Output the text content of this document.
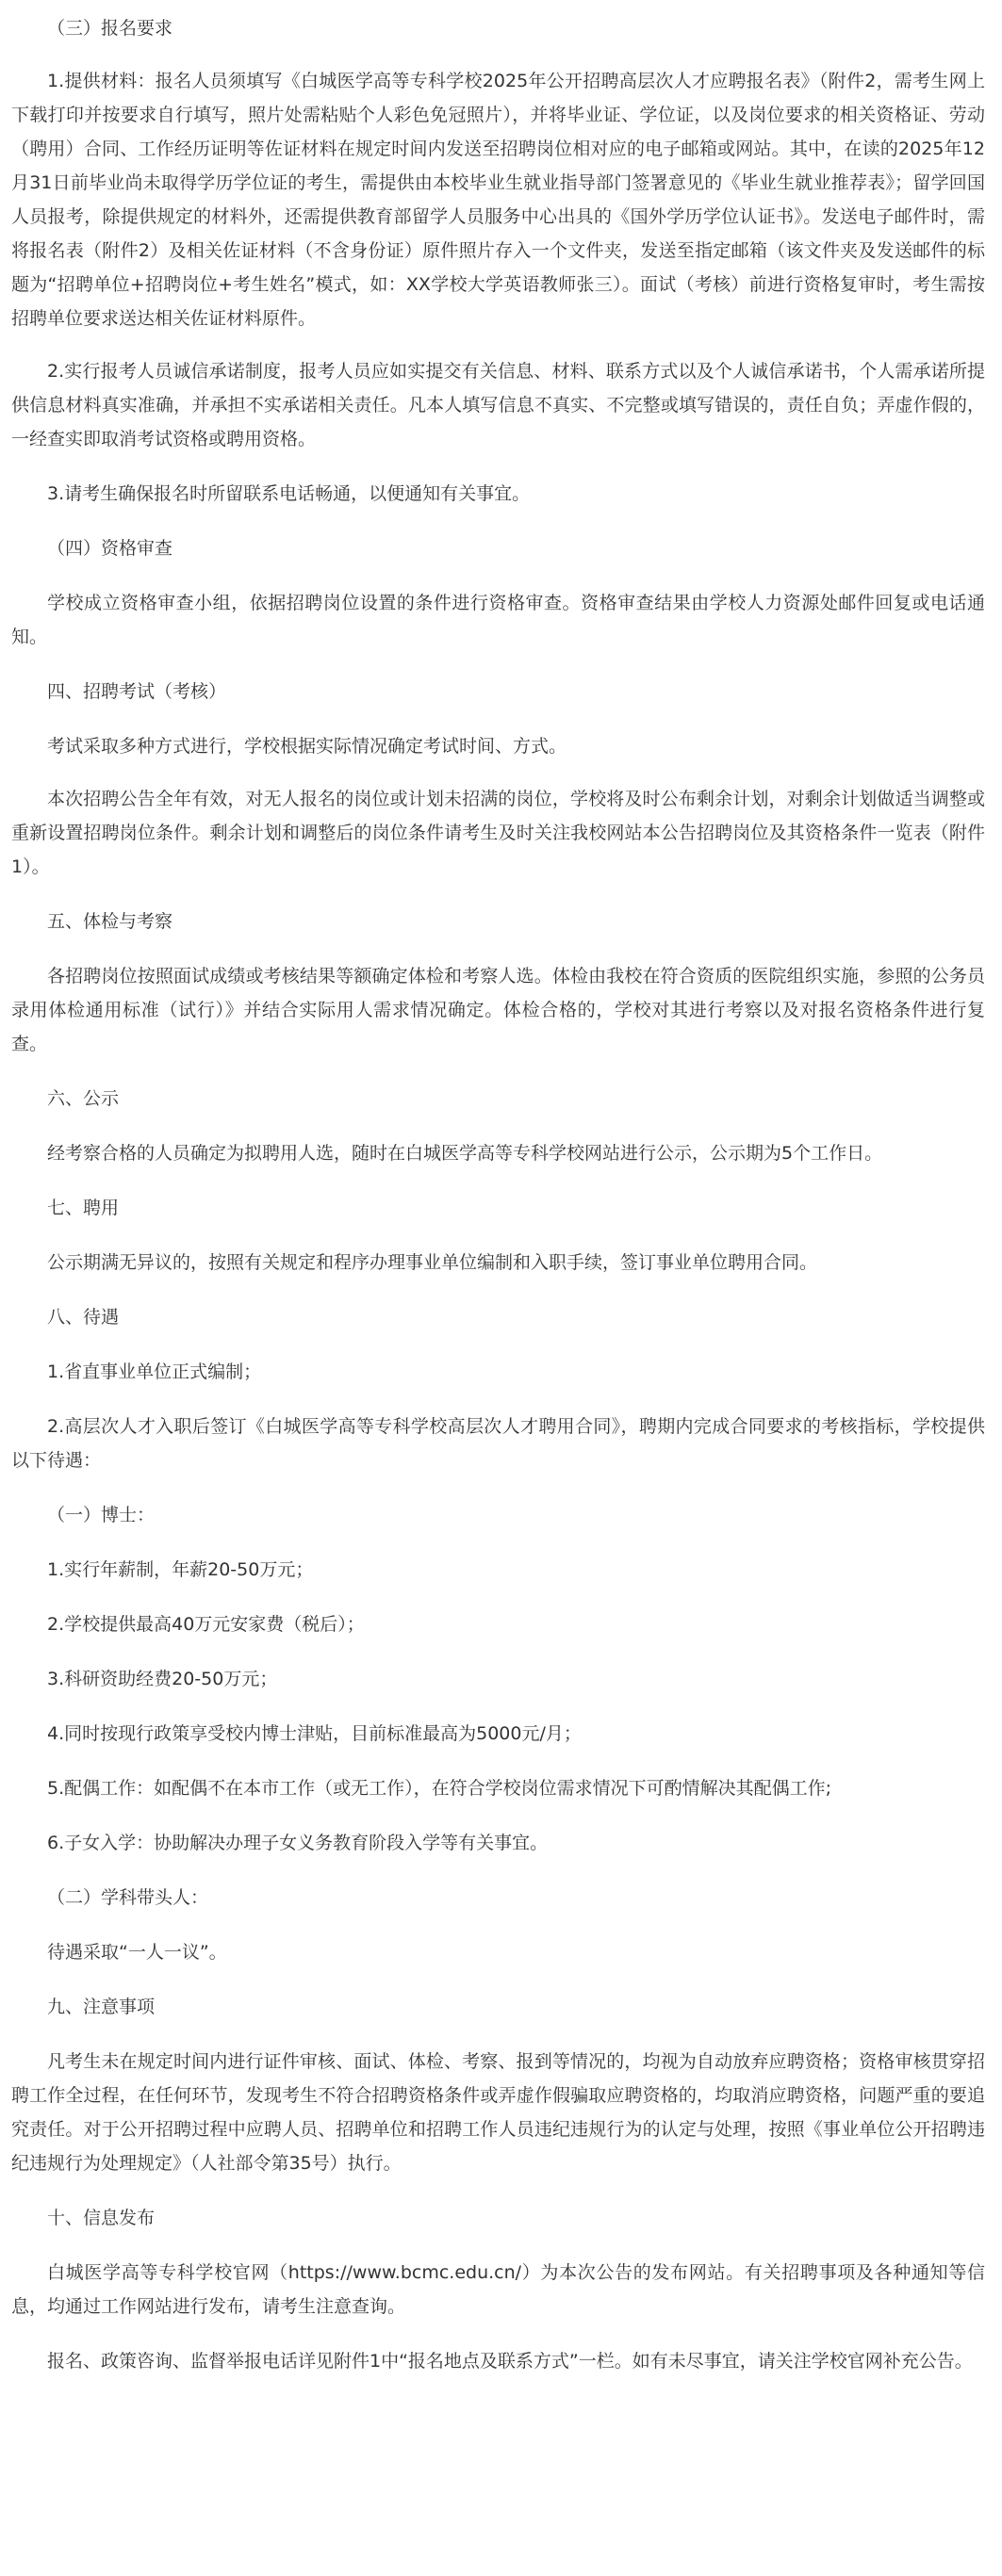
（三）报名要求

1.提供材料：报名人员须填写《白城医学高等专科学校2025年公开招聘高层次人才应聘报名表》（附件2，需考生网上下载打印并按要求自行填写，照片处需粘贴个人彩色免冠照片），并将毕业证、学位证，以及岗位要求的相关资格证、劳动（聘用）合同、工作经历证明等佐证材料在规定时间内发送至招聘岗位相对应的电子邮箱或网站。其中，在读的2025年12月31日前毕业尚未取得学历学位证的考生，需提供由本校毕业生就业指导部门签署意见的《毕业生就业推荐表》；留学回国人员报考，除提供规定的材料外，还需提供教育部留学人员服务中心出具的《国外学历学位认证书》。发送电子邮件时，需将报名表（附件2）及相关佐证材料（不含身份证）原件照片存入一个文件夹，发送至指定邮箱（该文件夹及发送邮件的标题为“招聘单位+招聘岗位+考生姓名”模式，如：XX学校大学英语教师张三）。面试（考核）前进行资格复审时，考生需按招聘单位要求送达相关佐证材料原件。

2.实行报考人员诚信承诺制度，报考人员应如实提交有关信息、材料、联系方式以及个人诚信承诺书，个人需承诺所提供信息材料真实准确，并承担不实承诺相关责任。凡本人填写信息不真实、不完整或填写错误的，责任自负；弄虚作假的，一经查实即取消考试资格或聘用资格。

3.请考生确保报名时所留联系电话畅通，以便通知有关事宜。

（四）资格审查

学校成立资格审查小组，依据招聘岗位设置的条件进行资格审查。资格审查结果由学校人力资源处邮件回复或电话通知。

四、招聘考试（考核）

考试采取多种方式进行，学校根据实际情况确定考试时间、方式。

本次招聘公告全年有效，对无人报名的岗位或计划未招满的岗位，学校将及时公布剩余计划，对剩余计划做适当调整或重新设置招聘岗位条件。剩余计划和调整后的岗位条件请考生及时关注我校网站本公告招聘岗位及其资格条件一览表（附件1）。

五、体检与考察

各招聘岗位按照面试成绩或考核结果等额确定体检和考察人选。体检由我校在符合资质的医院组织实施，参照的公务员录用体检通用标准（试行）》并结合实际用人需求情况确定。体检合格的，学校对其进行考察以及对报名资格条件进行复查。

六、公示

经考察合格的人员确定为拟聘用人选，随时在白城医学高等专科学校网站进行公示，公示期为5个工作日。

七、聘用

公示期满无异议的，按照有关规定和程序办理事业单位编制和入职手续，签订事业单位聘用合同。

八、待遇

1.省直事业单位正式编制；

2.高层次人才入职后签订《白城医学高等专科学校高层次人才聘用合同》，聘期内完成合同要求的考核指标，学校提供以下待遇：

（一）博士：

1.实行年薪制，年薪20-50万元；

2.学校提供最高40万元安家费（税后）；

3.科研资助经费20-50万元；

4.同时按现行政策享受校内博士津贴，目前标准最高为5000元/月；

5.配偶工作：如配偶不在本市工作（或无工作），在符合学校岗位需求情况下可酌情解决其配偶工作;

6.子女入学：协助解决办理子女义务教育阶段入学等有关事宜。

（二）学科带头人：

待遇采取“一人一议”。

九、注意事项

凡考生未在规定时间内进行证件审核、面试、体检、考察、报到等情况的，均视为自动放弃应聘资格；资格审核贯穿招聘工作全过程，在任何环节，发现考生不符合招聘资格条件或弄虚作假骗取应聘资格的，均取消应聘资格，问题严重的要追究责任。对于公开招聘过程中应聘人员、招聘单位和招聘工作人员违纪违规行为的认定与处理，按照《事业单位公开招聘违纪违规行为处理规定》（人社部令第35号）执行。

十、信息发布

白城医学高等专科学校官网（https://www.bcmc.edu.cn/）为本次公告的发布网站。有关招聘事项及各种通知等信息，均通过工作网站进行发布，请考生注意查询。

报名、政策咨询、监督举报电话详见附件1中“报名地点及联系方式”一栏。如有未尽事宜，请关注学校官网补充公告。
